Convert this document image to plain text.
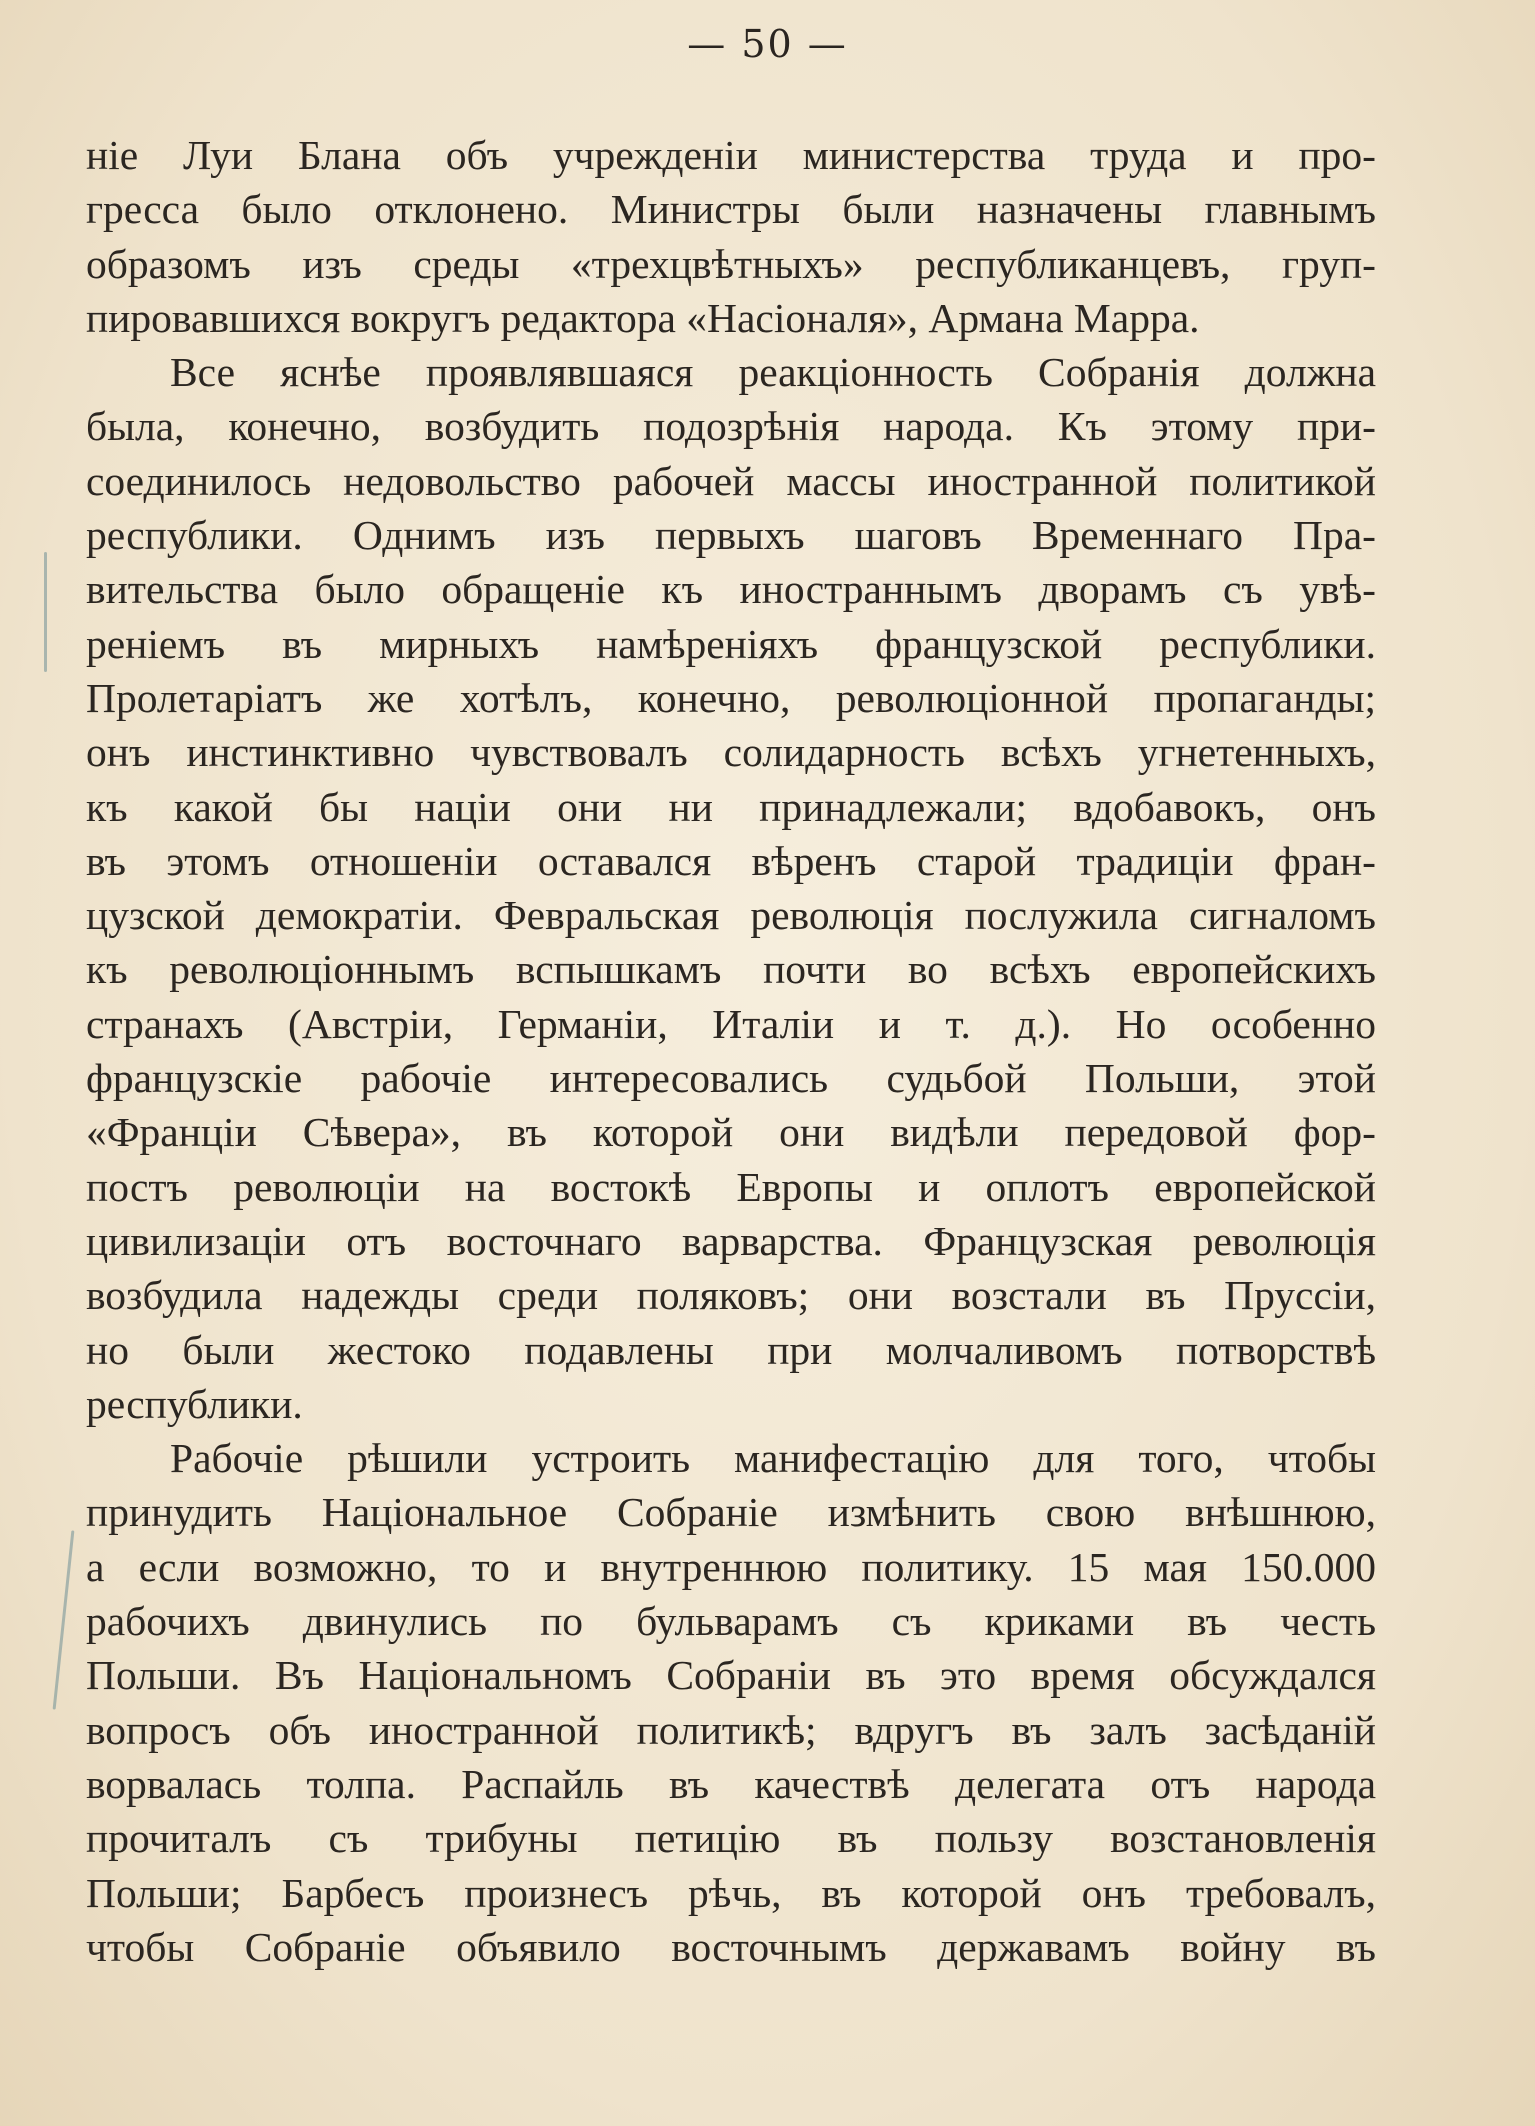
— 50 —
ніе Луи Блана объ учрежденіи министерства труда и про-
гресса было отклонено. Министры были назначены главнымъ
образомъ изъ среды «трехцвѣтныхъ» республиканцевъ, груп-
пировавшихся вокругъ редактора «Насіоналя», Армана Марра.
Все яснѣе проявлявшаяся реакціонность Собранія должна
была, конечно, возбудить подозрѣнія народа. Къ этому при-
соединилось недовольство рабочей массы иностранной политикой
республики. Однимъ изъ первыхъ шаговъ Временнаго Пра-
вительства было обращеніе къ иностраннымъ дворамъ съ увѣ-
реніемъ въ мирныхъ намѣреніяхъ французской республики.
Пролетаріатъ же хотѣлъ, конечно, революціонной пропаганды;
онъ инстинктивно чувствовалъ солидарность всѣхъ угнетенныхъ,
къ какой бы націи они ни принадлежали; вдобавокъ, онъ
въ этомъ отношеніи оставался вѣренъ старой традиціи фран-
цузской демократіи. Февральская революція послужила сигналомъ
къ революціоннымъ вспышкамъ почти во всѣхъ европейскихъ
странахъ (Австріи, Германіи, Италіи и т. д.). Но особенно
французскіе рабочіе интересовались судьбой Польши, этой
«Франціи Сѣвера», въ которой они видѣли передовой фор-
постъ революціи на востокѣ Европы и оплотъ европейской
цивилизаціи отъ восточнаго варварства. Французская революція
возбудила надежды среди поляковъ; они возстали въ Пруссіи,
но были жестоко подавлены при молчаливомъ потворствѣ
республики.
Рабочіе рѣшили устроить манифестацію для того, чтобы
принудить Національное Собраніе измѣнить свою внѣшнюю,
а если возможно, то и внутреннюю политику. 15 мая 150.000
рабочихъ двинулись по бульварамъ съ криками въ честь
Польши. Въ Національномъ Собраніи въ это время обсуждался
вопросъ объ иностранной политикѣ; вдругъ въ залъ засѣданій
ворвалась толпа. Распайль въ качествѣ делегата отъ народа
прочиталъ съ трибуны петицію въ пользу возстановленія
Польши; Барбесъ произнесъ рѣчь, въ которой онъ требовалъ,
чтобы Собраніе объявило восточнымъ державамъ войну въ
